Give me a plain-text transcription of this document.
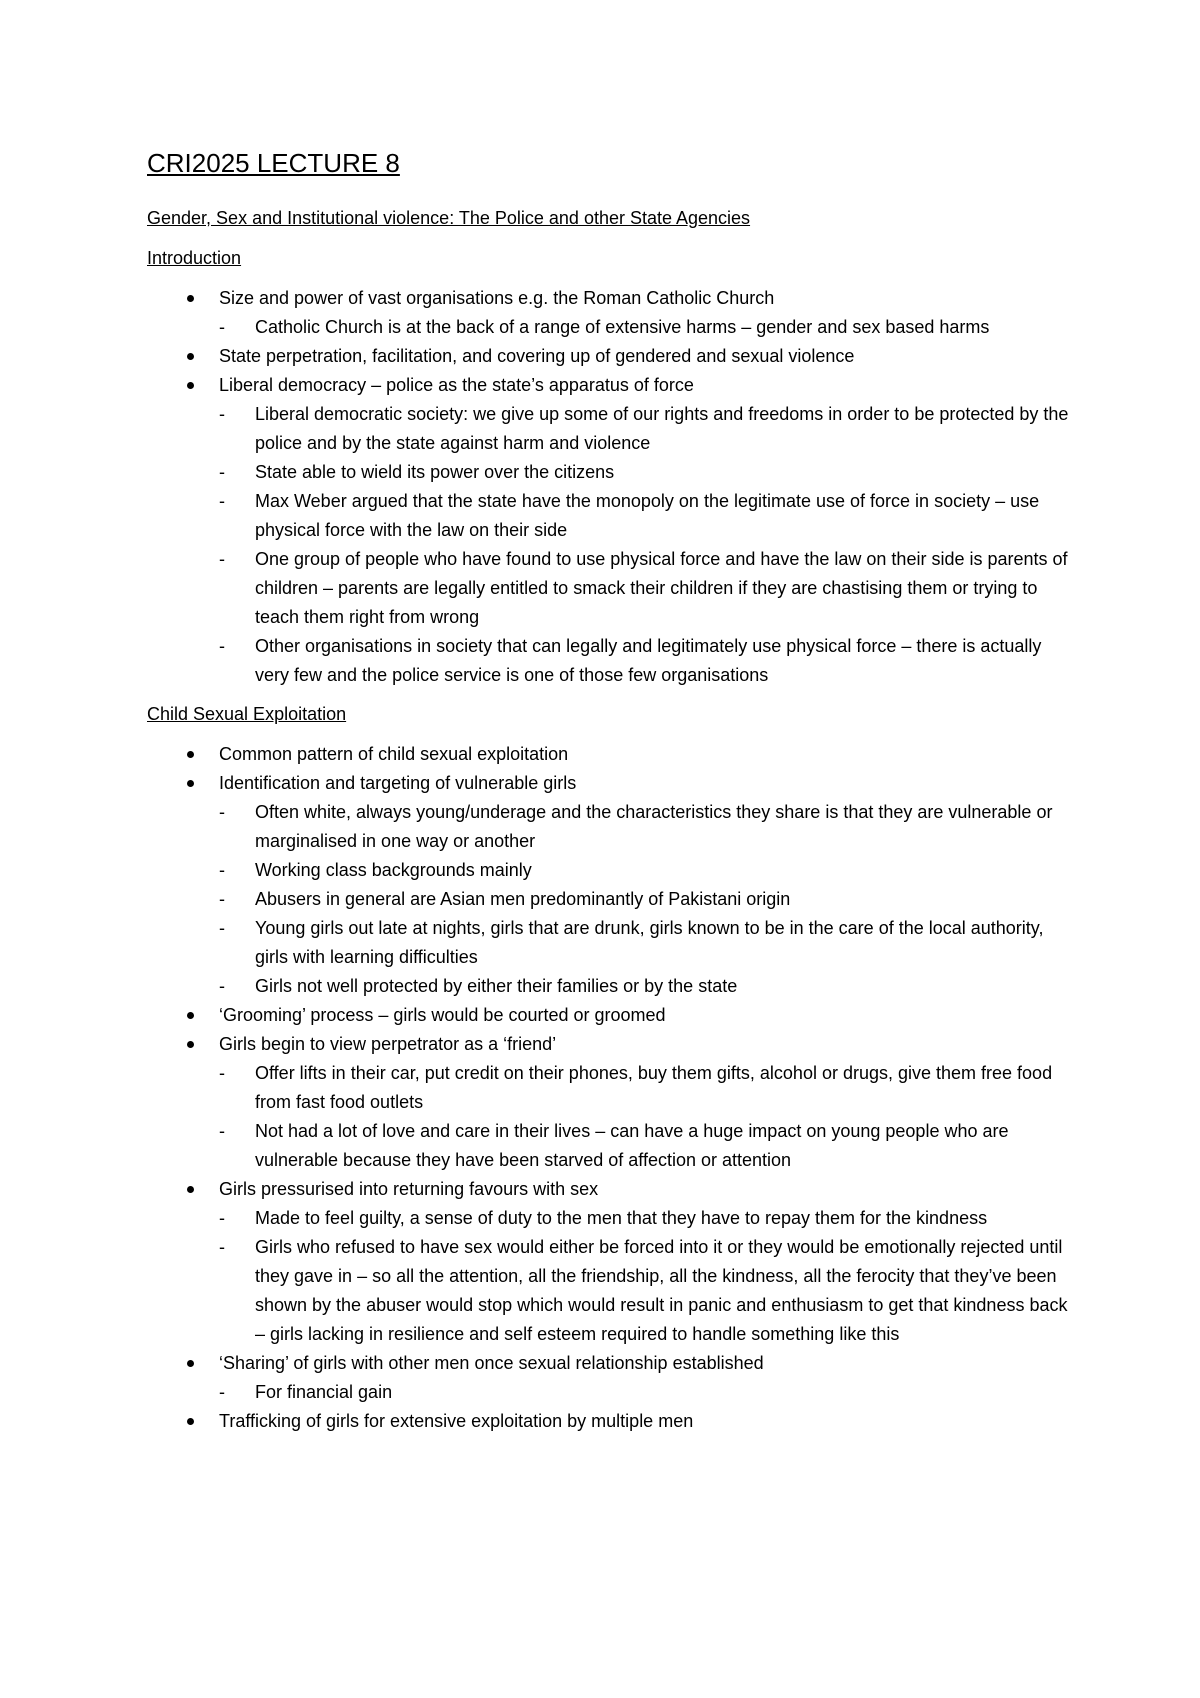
CRI2025 LECTURE 8
Gender, Sex and Institutional violence: The Police and other State Agencies
Introduction
Size and power of vast organisations e.g. the Roman Catholic Church
- Catholic Church is at the back of a range of extensive harms – gender and sex based harms
State perpetration, facilitation, and covering up of gendered and sexual violence
Liberal democracy – police as the state’s apparatus of force
- Liberal democratic society: we give up some of our rights and freedoms in order to be protected by the police and by the state against harm and violence
- State able to wield its power over the citizens
- Max Weber argued that the state have the monopoly on the legitimate use of force in society – use physical force with the law on their side
- One group of people who have found to use physical force and have the law on their side is parents of children – parents are legally entitled to smack their children if they are chastising them or trying to teach them right from wrong
- Other organisations in society that can legally and legitimately use physical force – there is actually very few and the police service is one of those few organisations
Child Sexual Exploitation
Common pattern of child sexual exploitation
Identification and targeting of vulnerable girls
- Often white, always young/underage and the characteristics they share is that they are vulnerable or marginalised in one way or another
- Working class backgrounds mainly
- Abusers in general are Asian men predominantly of Pakistani origin
- Young girls out late at nights, girls that are drunk, girls known to be in the care of the local authority, girls with learning difficulties
- Girls not well protected by either their families or by the state
‘Grooming’ process – girls would be courted or groomed
Girls begin to view perpetrator as a ‘friend’
- Offer lifts in their car, put credit on their phones, buy them gifts, alcohol or drugs, give them free food from fast food outlets
- Not had a lot of love and care in their lives – can have a huge impact on young people who are vulnerable because they have been starved of affection or attention
Girls pressurised into returning favours with sex
- Made to feel guilty, a sense of duty to the men that they have to repay them for the kindness
- Girls who refused to have sex would either be forced into it or they would be emotionally rejected until they gave in – so all the attention, all the friendship, all the kindness, all the ferocity that they’ve been shown by the abuser would stop which would result in panic and enthusiasm to get that kindness back – girls lacking in resilience and self esteem required to handle something like this
‘Sharing’ of girls with other men once sexual relationship established
- For financial gain
Trafficking of girls for extensive exploitation by multiple men
